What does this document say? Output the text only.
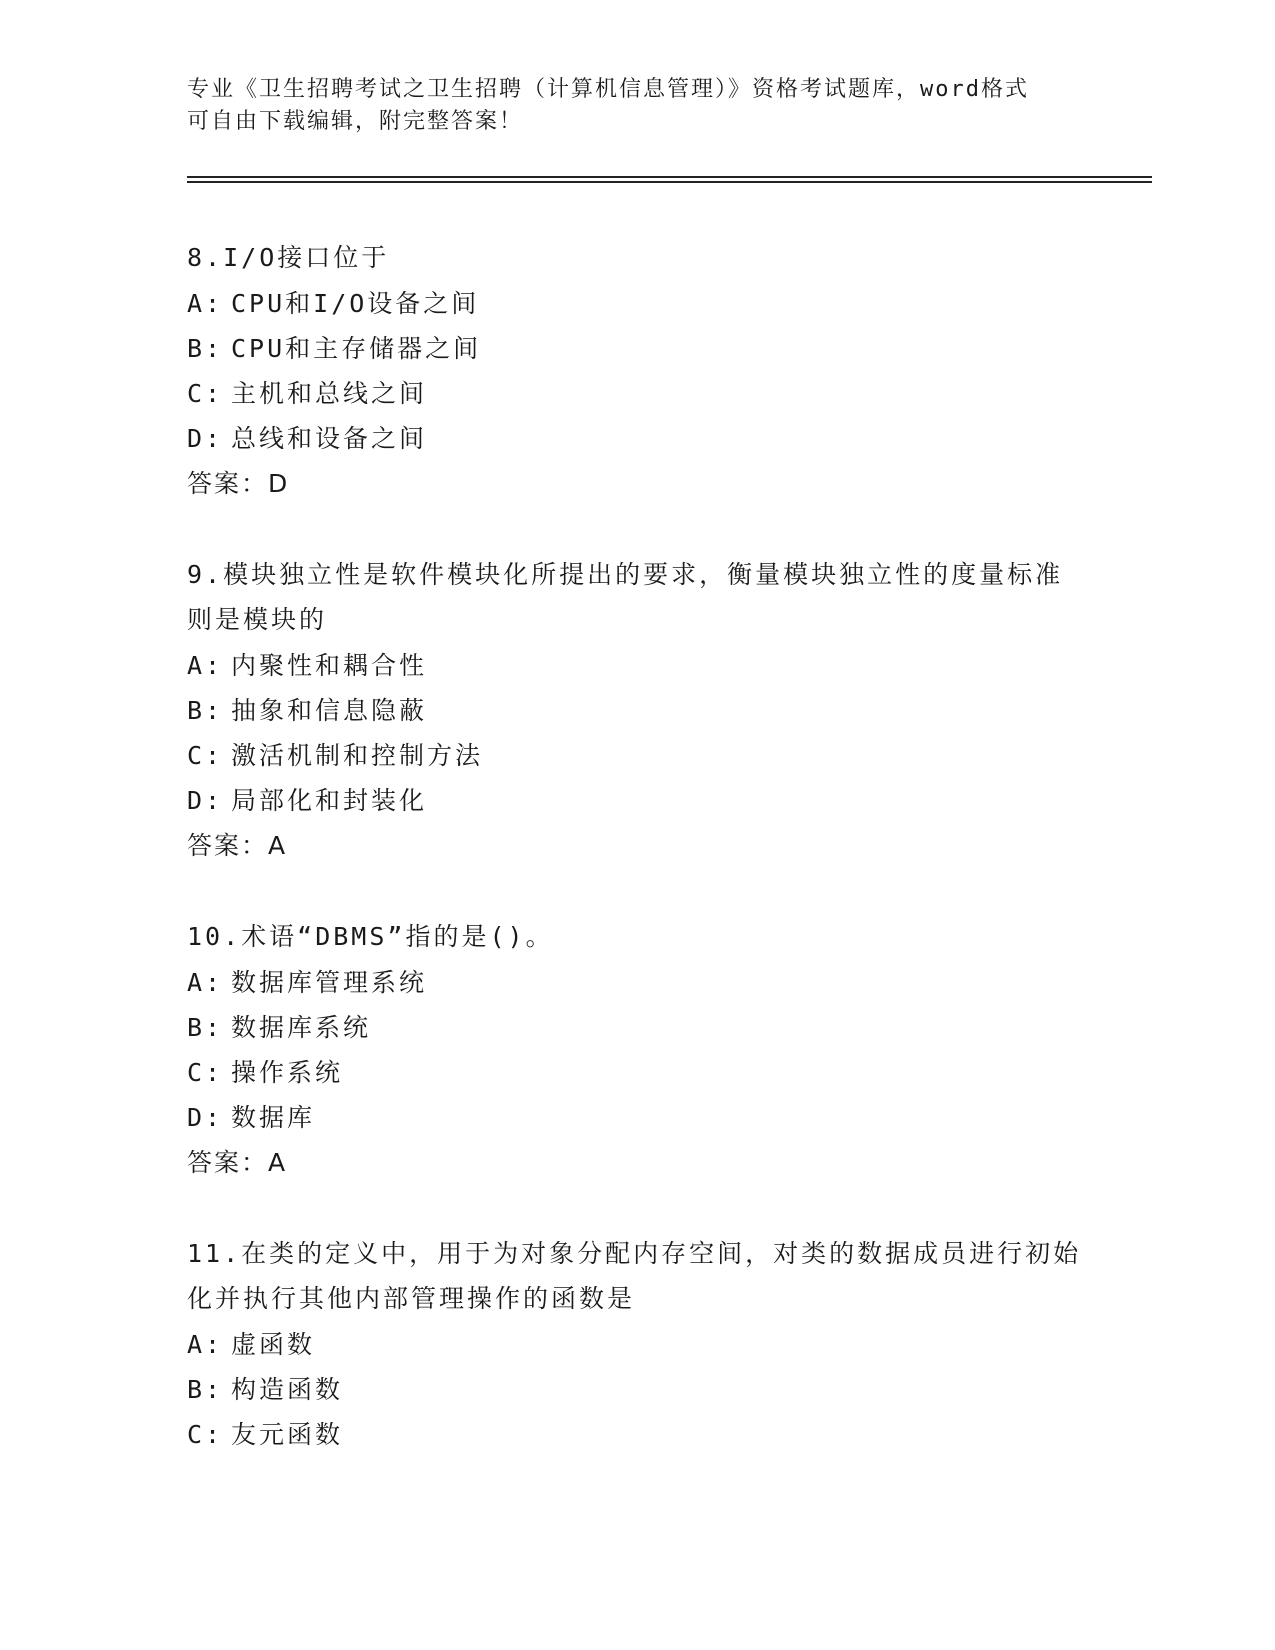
专业《卫生招聘考试之卫生招聘（计算机信息管理）》资格考试题库，word格式
可自由下载编辑，附完整答案！
8.I/O接口位于
A: CPU和I/O设备之间
B: CPU和主存储器之间
C: 主机和总线之间
D: 总线和设备之间
答案：D
9.模块独立性是软件模块化所提出的要求，衡量模块独立性的度量标准则是模块的
A: 内聚性和耦合性
B: 抽象和信息隐蔽
C: 激活机制和控制方法
D: 局部化和封装化
答案：A
10.术语“DBMS”指的是()。
A: 数据库管理系统
B: 数据库系统
C: 操作系统
D: 数据库
答案：A
11.在类的定义中，用于为对象分配内存空间，对类的数据成员进行初始化并执行其他内部管理操作的函数是
A: 虚函数
B: 构造函数
C: 友元函数
